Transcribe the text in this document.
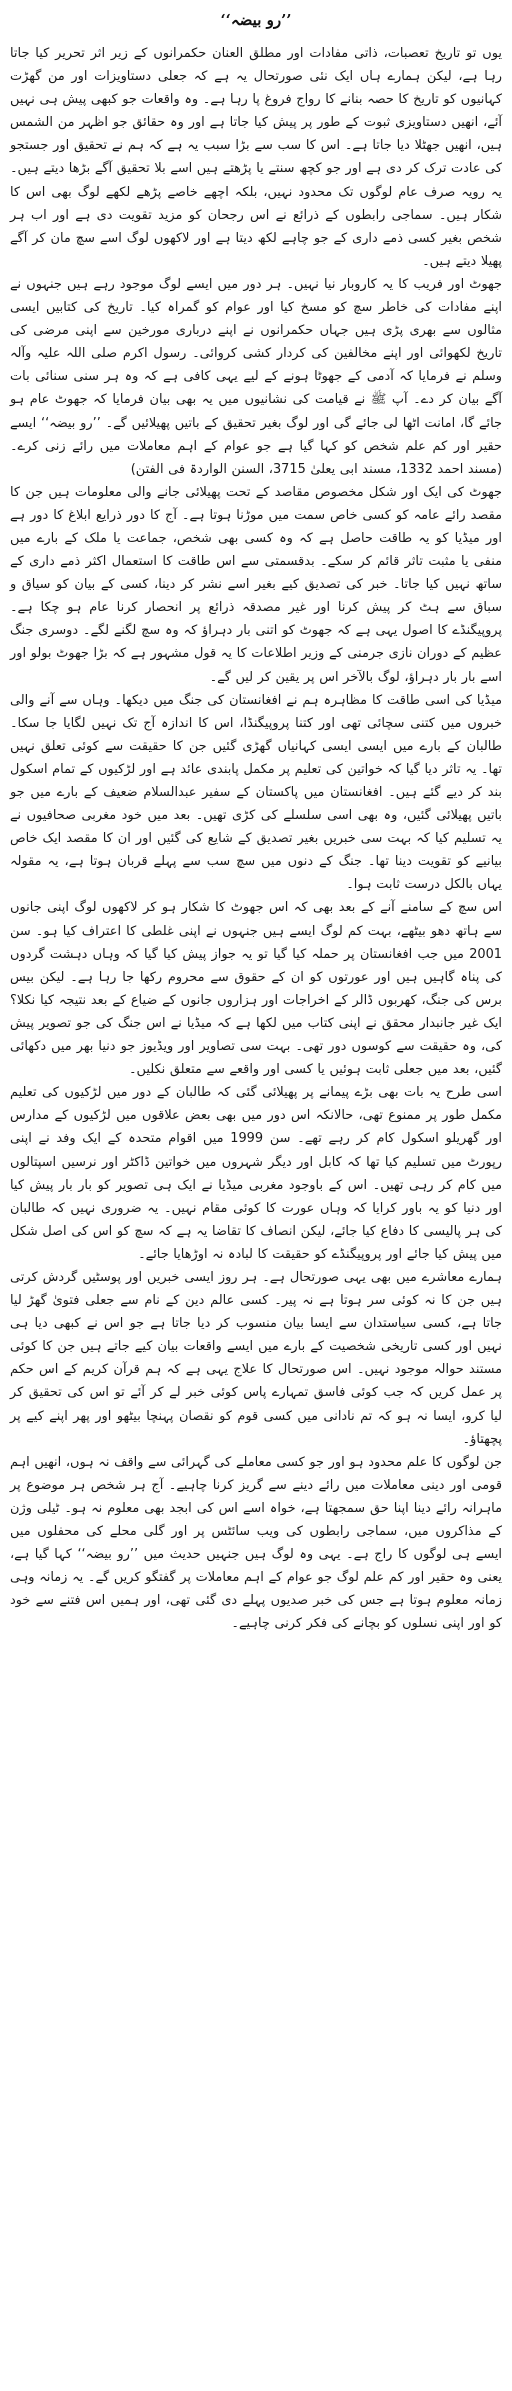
’’رو بیضہ‘‘

یوں تو تاریخ تعصبات، ذاتی مفادات اور مطلق العنان حکمرانوں کے زیر اثر تحریر کیا جاتا رہا ہے، لیکن ہمارے ہاں ایک نئی صورتحال یہ ہے کہ جعلی دستاویزات اور من گھڑت کہانیوں کو تاریخ کا حصہ بنانے کا رواج فروغ پا رہا ہے۔ وہ واقعات جو کبھی پیش ہی نہیں آئے، انھیں دستاویزی ثبوت کے طور پر پیش کیا جاتا ہے اور وہ حقائق جو اظہر من الشمس ہیں، انھیں جھٹلا دیا جاتا ہے۔ اس کا سب سے بڑا سبب یہ ہے کہ ہم نے تحقیق اور جستجو کی عادت ترک کر دی ہے اور جو کچھ سنتے یا پڑھتے ہیں اسے بلا تحقیق آگے بڑھا دیتے ہیں۔ یہ رویہ صرف عام لوگوں تک محدود نہیں، بلکہ اچھے خاصے پڑھے لکھے لوگ بھی اس کا شکار ہیں۔ سماجی رابطوں کے ذرائع نے اس رجحان کو مزید تقویت دی ہے اور اب ہر شخص بغیر کسی ذمے داری کے جو چاہے لکھ دیتا ہے اور لاکھوں لوگ اسے سچ مان کر آگے پھیلا دیتے ہیں۔

جھوٹ اور فریب کا یہ کاروبار نیا نہیں۔ ہر دور میں ایسے لوگ موجود رہے ہیں جنہوں نے اپنے مفادات کی خاطر سچ کو مسخ کیا اور عوام کو گمراہ کیا۔ تاریخ کی کتابیں ایسی مثالوں سے بھری پڑی ہیں جہاں حکمرانوں نے اپنے درباری مورخین سے اپنی مرضی کی تاریخ لکھوائی اور اپنے مخالفین کی کردار کشی کروائی۔ رسول اکرم صلی اللہ علیہ وآلہ وسلم نے فرمایا کہ آدمی کے جھوٹا ہونے کے لیے یہی کافی ہے کہ وہ ہر سنی سنائی بات آگے بیان کر دے۔ آپ ﷺ نے قیامت کی نشانیوں میں یہ بھی بیان فرمایا کہ جھوٹ عام ہو جائے گا، امانت اٹھا لی جائے گی اور لوگ بغیر تحقیق کے باتیں پھیلائیں گے۔ ’’رو بیضہ‘‘ ایسے حقیر اور کم علم شخص کو کہا گیا ہے جو عوام کے اہم معاملات میں رائے زنی کرے۔ (مسند احمد 1332، مسند ابی یعلیٰ 3715، السنن الواردۃ فی الفتن)

جھوٹ کی ایک اور شکل مخصوص مقاصد کے تحت پھیلائی جانے والی معلومات ہیں جن کا مقصد رائے عامہ کو کسی خاص سمت میں موڑنا ہوتا ہے۔ آج کا دور ذرایع ابلاغ کا دور ہے اور میڈیا کو یہ طاقت حاصل ہے کہ وہ کسی بھی شخص، جماعت یا ملک کے بارے میں منفی یا مثبت تاثر قائم کر سکے۔ بدقسمتی سے اس طاقت کا استعمال اکثر ذمے داری کے ساتھ نہیں کیا جاتا۔ خبر کی تصدیق کیے بغیر اسے نشر کر دینا، کسی کے بیان کو سیاق و سباق سے ہٹ کر پیش کرنا اور غیر مصدقہ ذرائع پر انحصار کرنا عام ہو چکا ہے۔ پروپیگنڈے کا اصول یہی ہے کہ جھوٹ کو اتنی بار دہراؤ کہ وہ سچ لگنے لگے۔ دوسری جنگ عظیم کے دوران نازی جرمنی کے وزیر اطلاعات کا یہ قول مشہور ہے کہ بڑا جھوٹ بولو اور اسے بار بار دہراؤ، لوگ بالآخر اس پر یقین کر لیں گے۔

میڈیا کی اسی طاقت کا مظاہرہ ہم نے افغانستان کی جنگ میں دیکھا۔ وہاں سے آنے والی خبروں میں کتنی سچائی تھی اور کتنا پروپیگنڈا، اس کا اندازہ آج تک نہیں لگایا جا سکا۔ طالبان کے بارے میں ایسی ایسی کہانیاں گھڑی گئیں جن کا حقیقت سے کوئی تعلق نہیں تھا۔ یہ تاثر دیا گیا کہ خواتین کی تعلیم پر مکمل پابندی عائد ہے اور لڑکیوں کے تمام اسکول بند کر دیے گئے ہیں۔ افغانستان میں پاکستان کے سفیر عبدالسلام ضعیف کے بارے میں جو باتیں پھیلائی گئیں، وہ بھی اسی سلسلے کی کڑی تھیں۔ بعد میں خود مغربی صحافیوں نے یہ تسلیم کیا کہ بہت سی خبریں بغیر تصدیق کے شایع کی گئیں اور ان کا مقصد ایک خاص بیانیے کو تقویت دینا تھا۔ جنگ کے دنوں میں سچ سب سے پہلے قربان ہوتا ہے، یہ مقولہ یہاں بالکل درست ثابت ہوا۔

اس سچ کے سامنے آنے کے بعد بھی کہ اس جھوٹ کا شکار ہو کر لاکھوں لوگ اپنی جانوں سے ہاتھ دھو بیٹھے، بہت کم لوگ ایسے ہیں جنہوں نے اپنی غلطی کا اعتراف کیا ہو۔ سن 2001 میں جب افغانستان پر حملہ کیا گیا تو یہ جواز پیش کیا گیا کہ وہاں دہشت گردوں کی پناہ گاہیں ہیں اور عورتوں کو ان کے حقوق سے محروم رکھا جا رہا ہے۔ لیکن بیس برس کی جنگ، کھربوں ڈالر کے اخراجات اور ہزاروں جانوں کے ضیاع کے بعد نتیجہ کیا نکلا؟ ایک غیر جانبدار محقق نے اپنی کتاب میں لکھا ہے کہ میڈیا نے اس جنگ کی جو تصویر پیش کی، وہ حقیقت سے کوسوں دور تھی۔ بہت سی تصاویر اور ویڈیوز جو دنیا بھر میں دکھائی گئیں، بعد میں جعلی ثابت ہوئیں یا کسی اور واقعے سے متعلق نکلیں۔

اسی طرح یہ بات بھی بڑے پیمانے پر پھیلائی گئی کہ طالبان کے دور میں لڑکیوں کی تعلیم مکمل طور پر ممنوع تھی، حالانکہ اس دور میں بھی بعض علاقوں میں لڑکیوں کے مدارس اور گھریلو اسکول کام کر رہے تھے۔ سن 1999 میں اقوام متحدہ کے ایک وفد نے اپنی رپورٹ میں تسلیم کیا تھا کہ کابل اور دیگر شہروں میں خواتین ڈاکٹر اور نرسیں اسپتالوں میں کام کر رہی تھیں۔ اس کے باوجود مغربی میڈیا نے ایک ہی تصویر کو بار بار پیش کیا اور دنیا کو یہ باور کرایا کہ وہاں عورت کا کوئی مقام نہیں۔ یہ ضروری نہیں کہ طالبان کی ہر پالیسی کا دفاع کیا جائے، لیکن انصاف کا تقاضا یہ ہے کہ سچ کو اس کی اصل شکل میں پیش کیا جائے اور پروپیگنڈے کو حقیقت کا لبادہ نہ اوڑھایا جائے۔

ہمارے معاشرے میں بھی یہی صورتحال ہے۔ ہر روز ایسی خبریں اور پوسٹیں گردش کرتی ہیں جن کا نہ کوئی سر ہوتا ہے نہ پیر۔ کسی عالم دین کے نام سے جعلی فتویٰ گھڑ لیا جاتا ہے، کسی سیاستدان سے ایسا بیان منسوب کر دیا جاتا ہے جو اس نے کبھی دیا ہی نہیں اور کسی تاریخی شخصیت کے بارے میں ایسے واقعات بیان کیے جاتے ہیں جن کا کوئی مستند حوالہ موجود نہیں۔ اس صورتحال کا علاج یہی ہے کہ ہم قرآن کریم کے اس حکم پر عمل کریں کہ جب کوئی فاسق تمہارے پاس کوئی خبر لے کر آئے تو اس کی تحقیق کر لیا کرو، ایسا نہ ہو کہ تم نادانی میں کسی قوم کو نقصان پہنچا بیٹھو اور پھر اپنے کیے پر پچھتاؤ۔

جن لوگوں کا علم محدود ہو اور جو کسی معاملے کی گہرائی سے واقف نہ ہوں، انھیں اہم قومی اور دینی معاملات میں رائے دینے سے گریز کرنا چاہیے۔ آج ہر شخص ہر موضوع پر ماہرانہ رائے دینا اپنا حق سمجھتا ہے، خواہ اسے اس کی ابجد بھی معلوم نہ ہو۔ ٹیلی وژن کے مذاکروں میں، سماجی رابطوں کی ویب سائٹس پر اور گلی محلے کی محفلوں میں ایسے ہی لوگوں کا راج ہے۔ یہی وہ لوگ ہیں جنہیں حدیث میں ’’رو بیضہ‘‘ کہا گیا ہے، یعنی وہ حقیر اور کم علم لوگ جو عوام کے اہم معاملات پر گفتگو کریں گے۔ یہ زمانہ وہی زمانہ معلوم ہوتا ہے جس کی خبر صدیوں پہلے دی گئی تھی، اور ہمیں اس فتنے سے خود کو اور اپنی نسلوں کو بچانے کی فکر کرنی چاہیے۔
